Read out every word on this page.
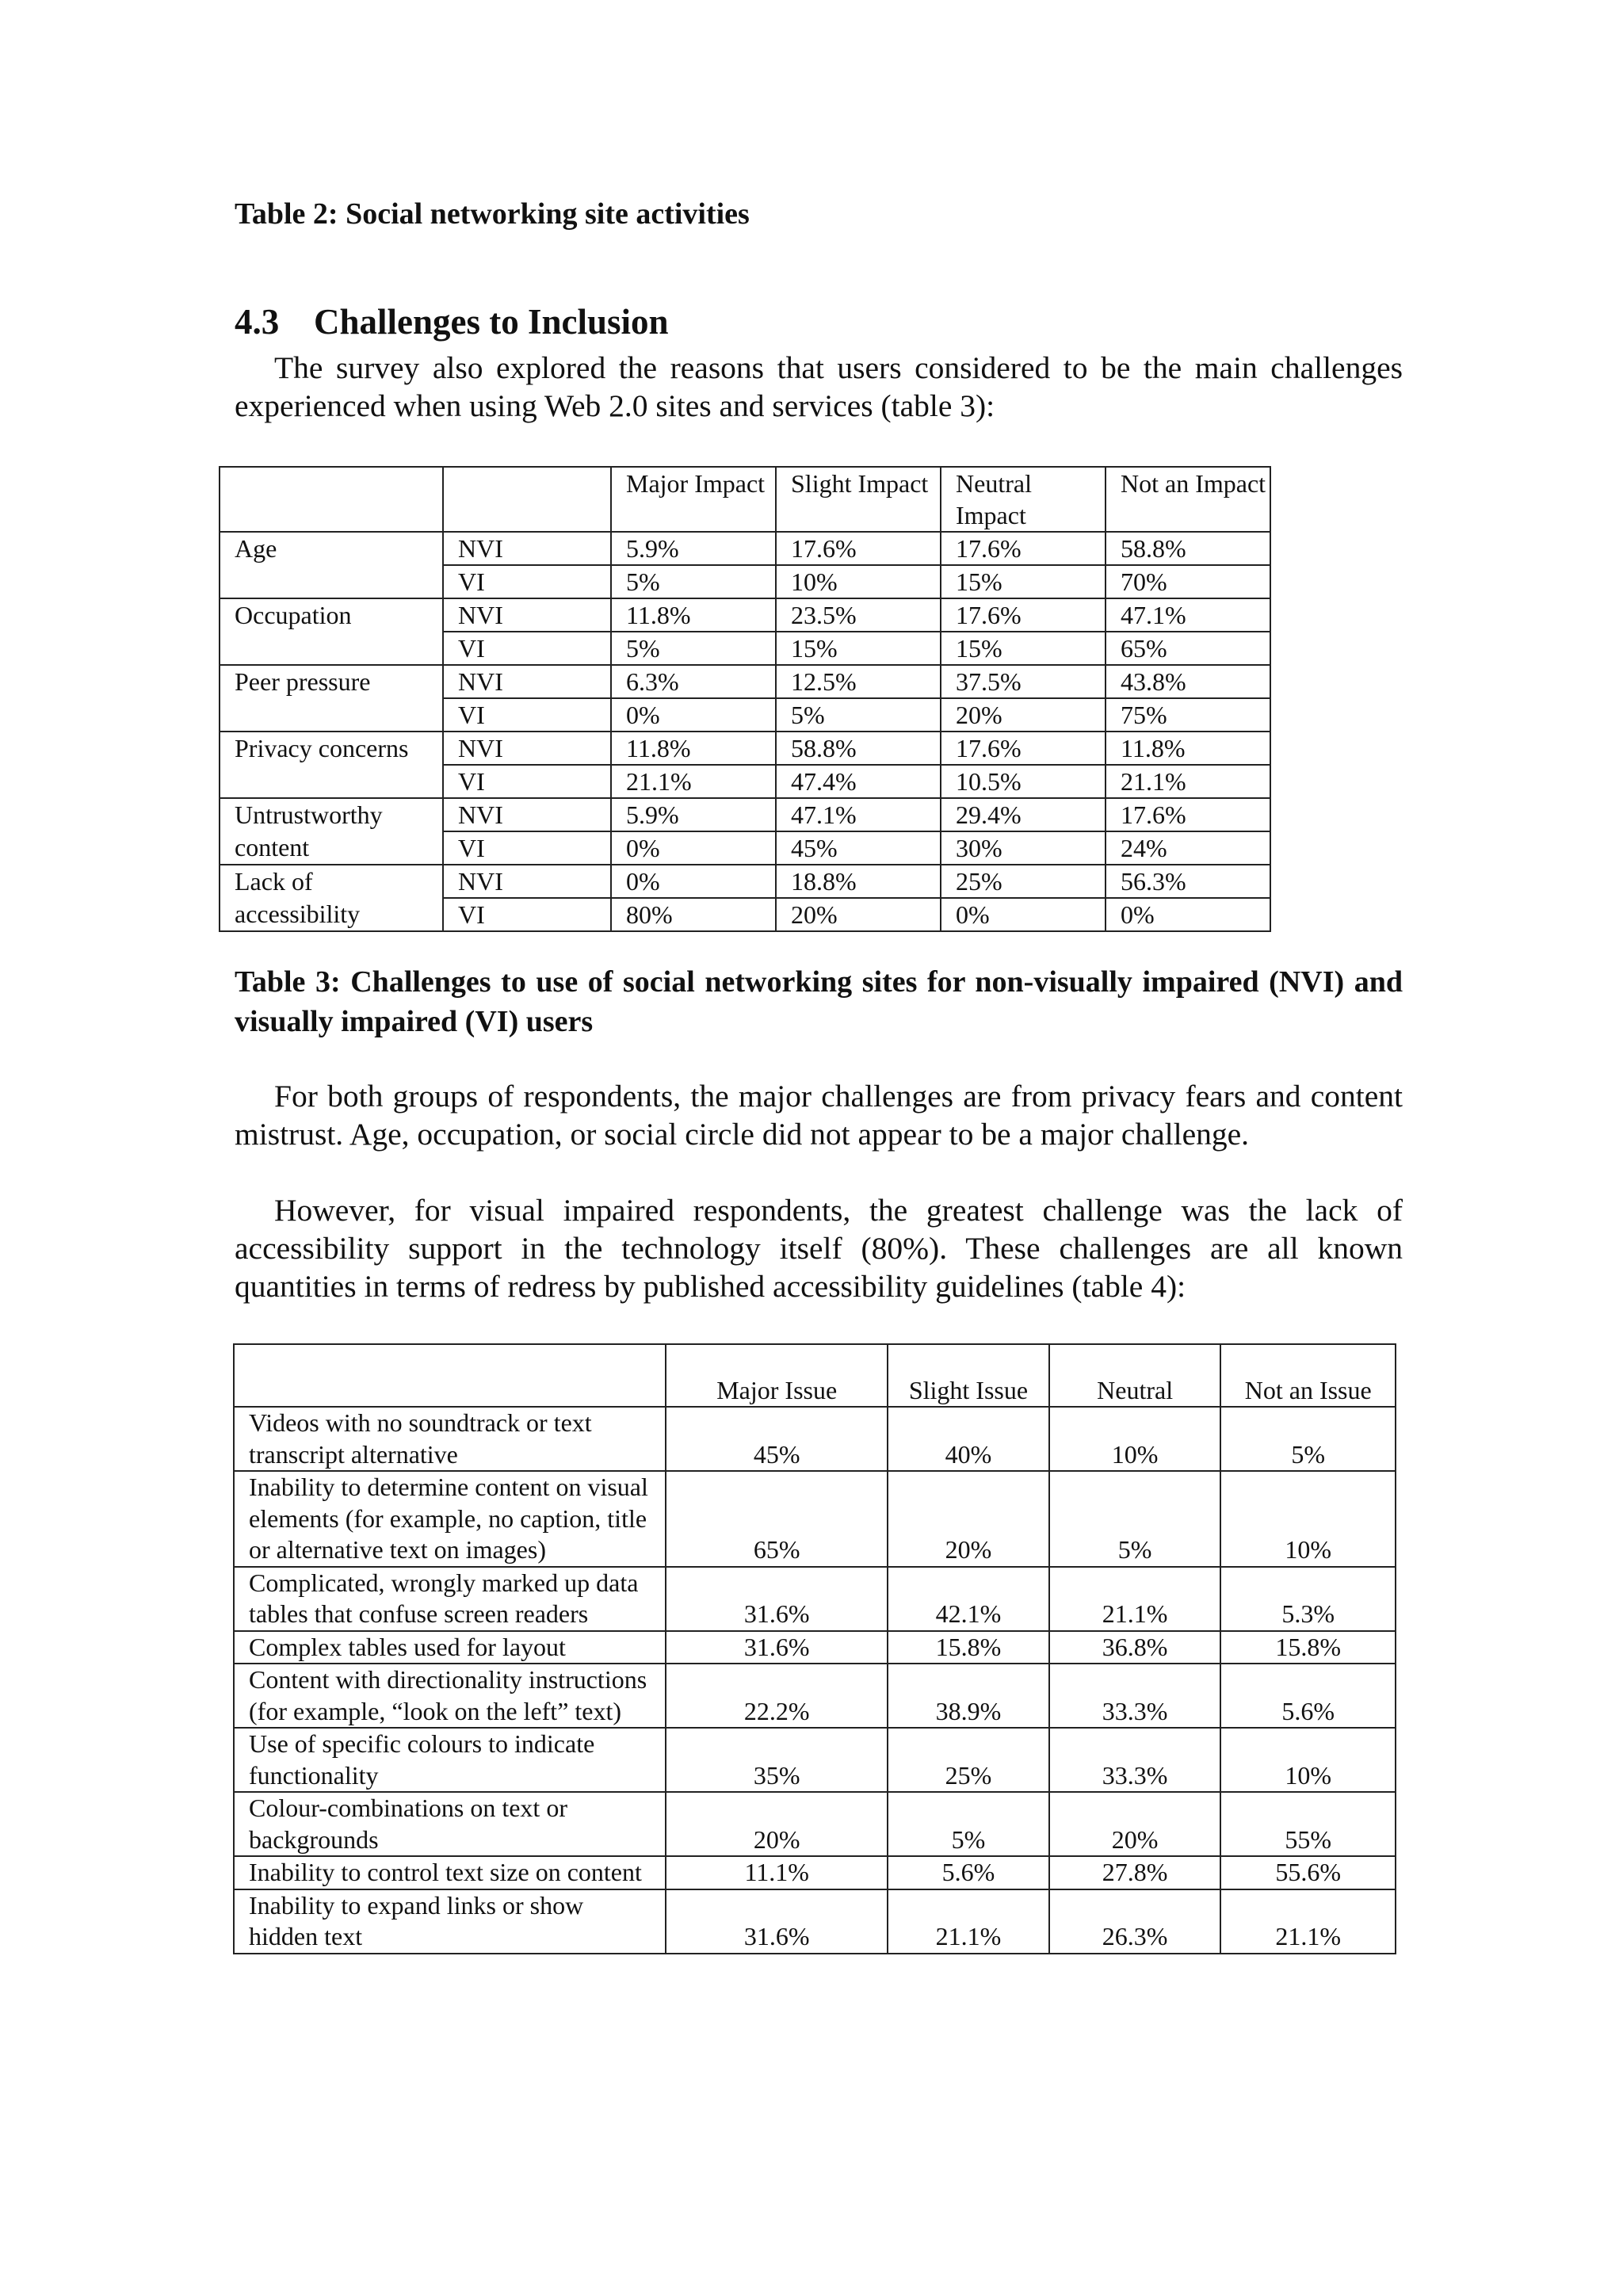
Table 2: Social networking site activities
4.3 Challenges to Inclusion

The survey also explored the reasons that users considered to be the main challenges experienced when using Web 2.0 sites and services (table 3):

		Major Impact	Slight Impact	Neutral Impact	Not an Impact
Age	NVI	5.9%	17.6%	17.6%	58.8%
	VI	5%	10%	15%	70%
Occupation	NVI	11.8%	23.5%	17.6%	47.1%
	VI	5%	15%	15%	65%
Peer pressure	NVI	6.3%	12.5%	37.5%	43.8%
	VI	0%	5%	20%	75%
Privacy concerns	NVI	11.8%	58.8%	17.6%	11.8%
	VI	21.1%	47.4%	10.5%	21.1%
Untrustworthy	NVI	5.9%	47.1%	29.4%	17.6%
content	VI	0%	45%	30%	24%
Lack of	NVI	0%	18.8%	25%	56.3%
accessibility	VI	80%	20%	0%	0%
Table 3: Challenges to use of social networking sites for non-visually impaired (NVI) and visually impaired (VI) users

For both groups of respondents, the major challenges are from privacy fears and content mistrust. Age, occupation, or social circle did not appear to be a major challenge.

However, for visual impaired respondents, the greatest challenge was the lack of accessibility support in the technology itself (80%). These challenges are all known quantities in terms of redress by published accessibility guidelines (table 4):

	Major Issue	Slight Issue	Neutral	Not an Issue
Videos with no soundtrack or text transcript alternative	45%	40%	10%	5%
Inability to determine content on visual elements (for example, no caption, title or alternative text on images)	65%	20%	5%	10%
Complicated, wrongly marked up data tables that confuse screen readers	31.6%	42.1%	21.1%	5.3%
Complex tables used for layout	31.6%	15.8%	36.8%	15.8%
Content with directionality instructions (for example, “look on the left” text)	22.2%	38.9%	33.3%	5.6%
Use of specific colours to indicate functionality	35%	25%	33.3%	10%
Colour-combinations on text or backgrounds	20%	5%	20%	55%
Inability to control text size on content	11.1%	5.6%	27.8%	55.6%
Inability to expand links or show hidden text	31.6%	21.1%	26.3%	21.1%
